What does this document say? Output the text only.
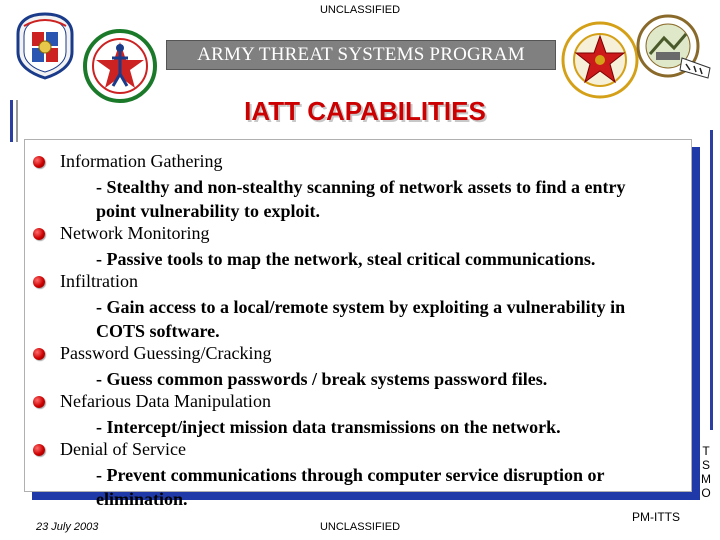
UNCLASSIFIED
ARMY THREAT SYSTEMS PROGRAM
IATT CAPABILITIES
Information Gathering
- Stealthy and non-stealthy scanning of network assets to find a entry
point vulnerability to exploit.
Network Monitoring
- Passive tools to map the network, steal critical communications.
Infiltration
- Gain access to a local/remote system by exploiting a vulnerability in
COTS software.
Password Guessing/Cracking
- Guess common passwords / break systems password files.
Nefarious Data Manipulation
- Intercept/inject mission data transmissions on the network.
Denial of Service
- Prevent communications through computer service disruption or
elimination.
T
S
M
O
23 July 2003	UNCLASSIFIED
PM-ITTS
